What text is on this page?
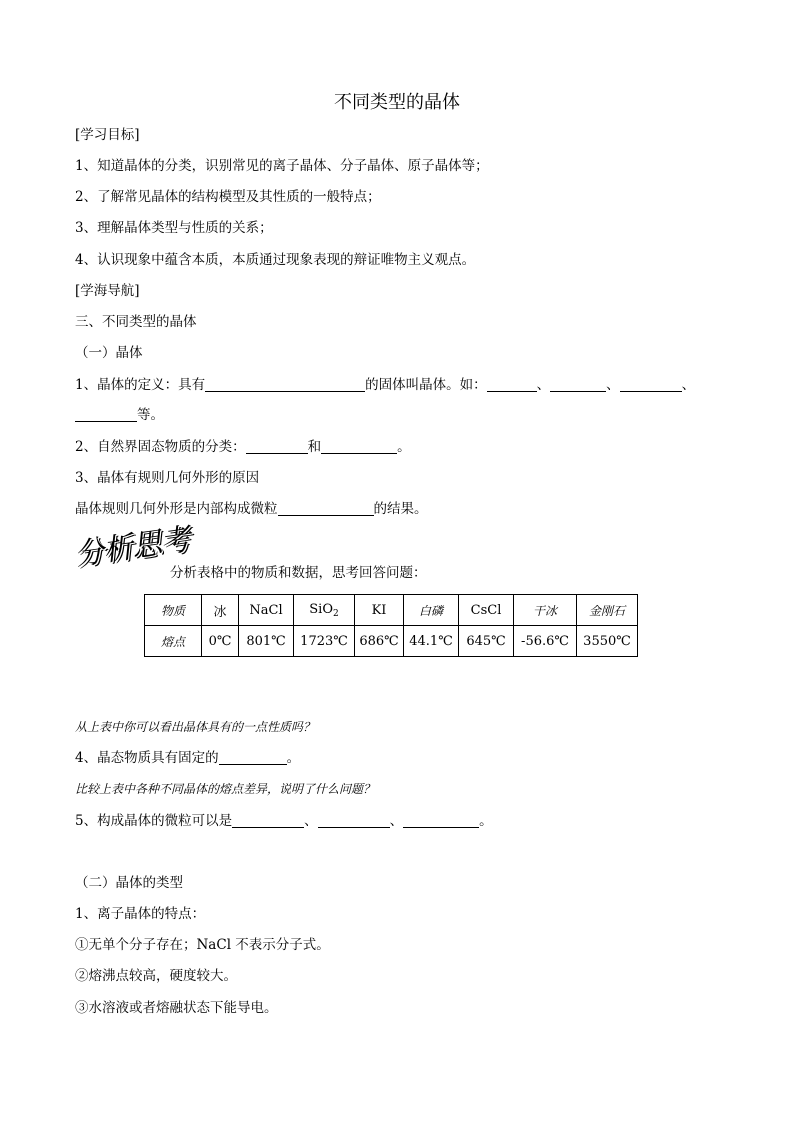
不同类型的晶体
[学习目标]
1、知道晶体的分类，识别常见的离子晶体、分子晶体、原子晶体等；
2、了解常见晶体的结构模型及其性质的一般特点；
3、理解晶体类型与性质的关系；
4、认识现象中蕴含本质，本质通过现象表现的辩证唯物主义观点。
[学海导航]
三、不同类型的晶体
（一）晶体
1、晶体的定义：具有	的固体叫晶体。如：	、	、	、
等。
2、自然界固态物质的分类：	和	。
3、晶体有规则几何外形的原因
晶体规则几何外形是内部构成微粒	的结果。
分析思考
分析表格中的物质和数据，思考回答问题：
物质	冰	NaCl	SiO$_2$	KI	白磷	CsCl	干冰	金刚石
熔点	0℃	801℃	1723℃	686℃	44.1℃	645℃	-56.6℃	3550℃
从上表中你可以看出晶体具有的一点性质吗？
4、晶态物质具有固定的	。
比较上表中各种不同晶体的熔点差异，说明了什么问题？
5、构成晶体的微粒可以是	、	、	。
（二）晶体的类型
1、离子晶体的特点：
①无单个分子存在；NaCl 不表示分子式。
②熔沸点较高，硬度较大。
③水溶液或者熔融状态下能导电。
